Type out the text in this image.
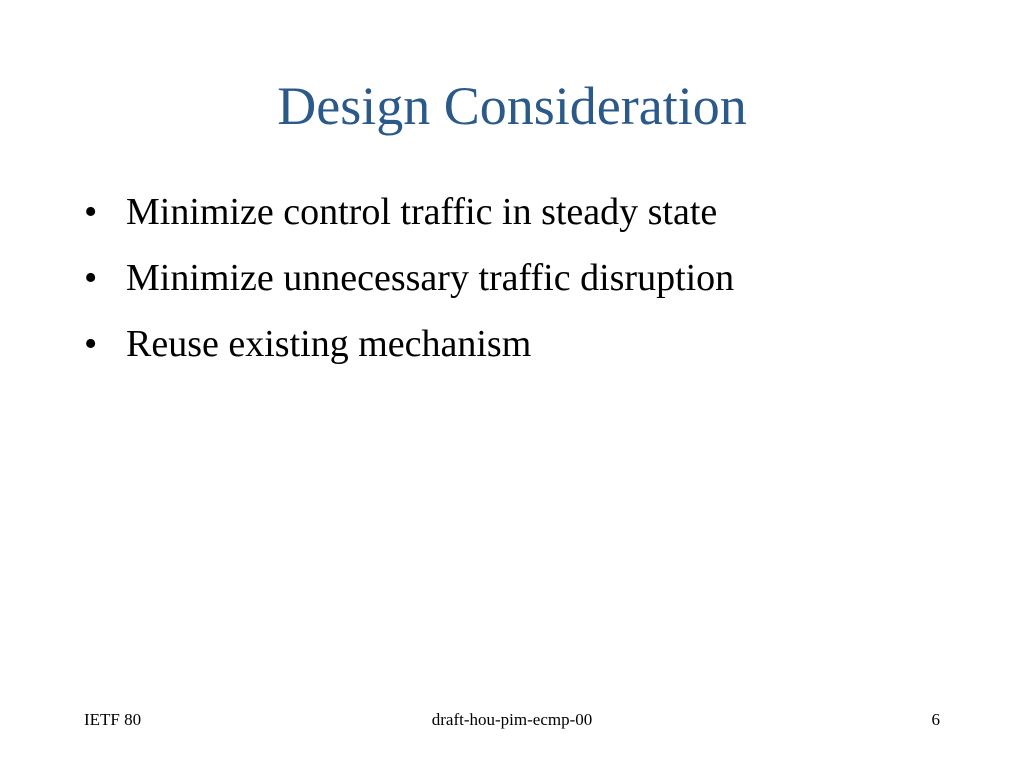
Design Consideration
• Minimize control traffic in steady state
• Minimize unnecessary traffic disruption
• Reuse existing mechanism
IETF 80	draft-hou-pim-ecmp-00	6
